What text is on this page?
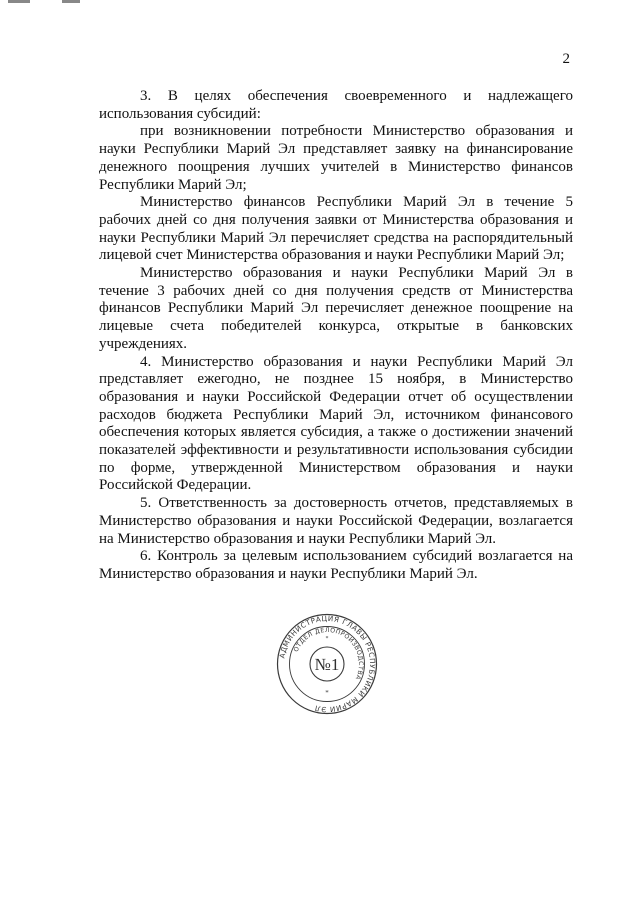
2

3. В целях обеспечения своевременного и надлежащего использования субсидий:

при возникновении потребности Министерство образования и науки Республики Марий Эл представляет заявку на финансирование денежного поощрения лучших учителей в Министерство финансов Республики Марий Эл;

Министерство финансов Республики Марий Эл в течение 5 рабочих дней со дня получения заявки от Министерства образования и науки Республики Марий Эл перечисляет средства на распорядительный лицевой счет Министерства образования и науки Республики Марий Эл;

Министерство образования и науки Республики Марий Эл в течение 3 рабочих дней со дня получения средств от Министерства финансов Республики Марий Эл перечисляет денежное поощрение на лицевые счета победителей конкурса, открытые в банковских учреждениях.

4. Министерство образования и науки Республики Марий Эл представляет ежегодно, не позднее 15 ноября, в Министерство образования и науки Российской Федерации отчет об осуществлении расходов бюджета Республики Марий Эл, источником финансового обеспечения которых является субсидия, а также о достижении значений показателей эффективности и результативности использования субсидии по форме, утвержденной Министерством образования и науки Российской Федерации.

5. Ответственность за достоверность отчетов, представляемых в Министерство образования и науки Российской Федерации, возлагается на Министерство образования и науки Республики Марий Эл.

6. Контроль за целевым использованием субсидий возлагается на Министерство образования и науки Республики Марий Эл.

АДМИНИСТРАЦИЯ ГЛАВЫ РЕСПУБЛИКИ МАРИЙ ЭЛ
ОТДЕЛ ДЕЛОПРОИЗВОДСТВА
№1
*
*
